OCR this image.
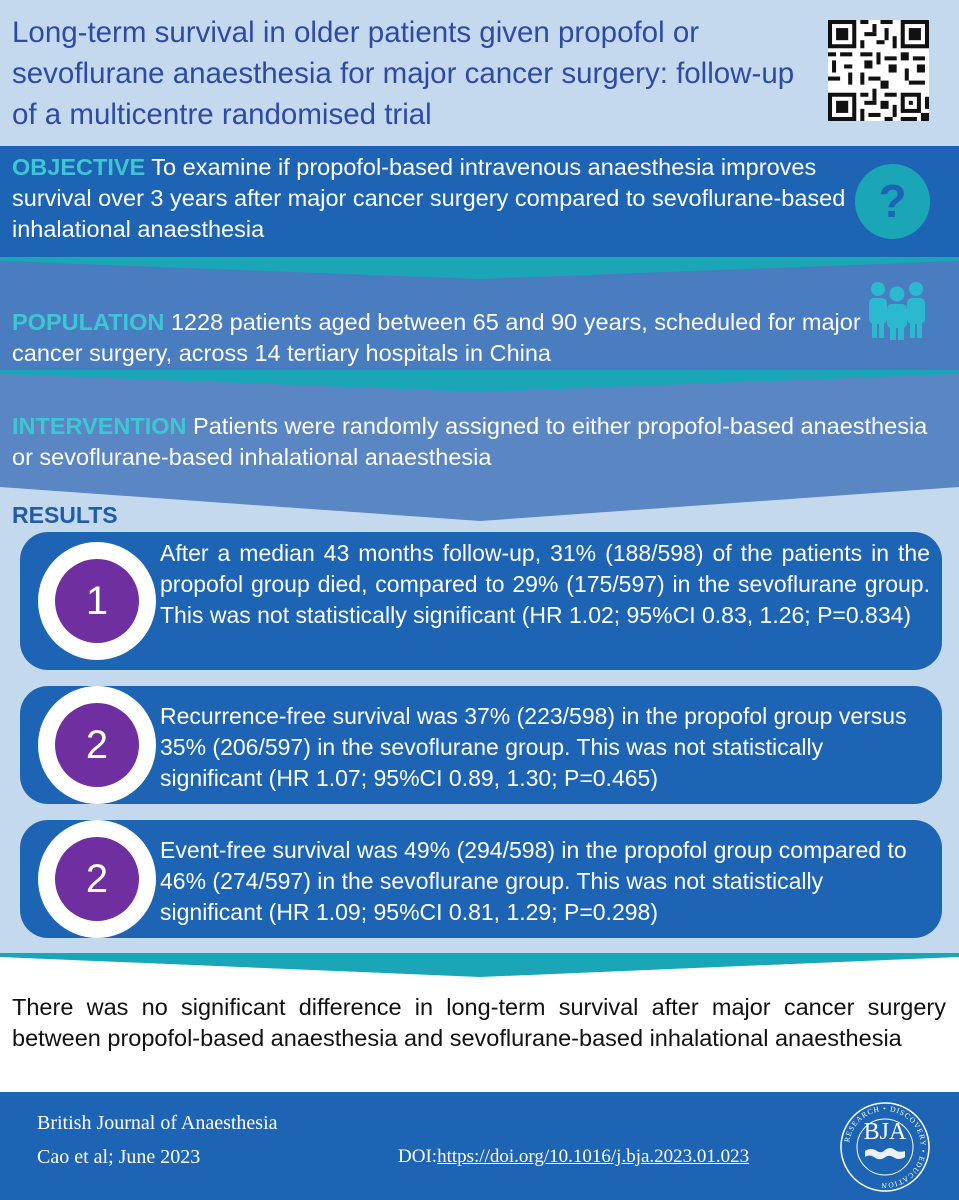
Long-term survival in older patients given propofol or sevoflurane anaesthesia for major cancer surgery: follow-up of a multicentre randomised trial
OBJECTIVE To examine if propofol-based intravenous anaesthesia improves survival over 3 years after major cancer surgery compared to sevoflurane-based inhalational anaesthesia
?
POPULATION 1228 patients aged between 65 and 90 years, scheduled for major cancer surgery, across 14 tertiary hospitals in China
INTERVENTION Patients were randomly assigned to either propofol-based anaesthesia or sevoflurane-based inhalational anaesthesia
RESULTS
1
After a median 43 months follow-up, 31% (188/598) of the patients in the propofol group died, compared to 29% (175/597) in the sevoflurane group. This was not statistically significant (HR 1.02; 95%CI 0.83, 1.26; P=0.834)
2
Recurrence-free survival was 37% (223/598) in the propofol group versus 35% (206/597) in the sevoflurane group. This was not statistically significant (HR 1.07; 95%CI 0.89, 1.30; P=0.465)
2
Event-free survival was 49% (294/598) in the propofol group compared to 46% (274/597) in the sevoflurane group. This was not statistically significant (HR 1.09; 95%CI 0.81, 1.29; P=0.298)
There was no significant difference in long-term survival after major cancer surgery between propofol-based anaesthesia and sevoflurane-based inhalational anaesthesia
British Journal of Anaesthesia
Cao et al; June 2023	DOI:https://doi.org/10.1016/j.bja.2023.01.023
RESEARCH • DISCOVERY • EDUCATION
BJA
